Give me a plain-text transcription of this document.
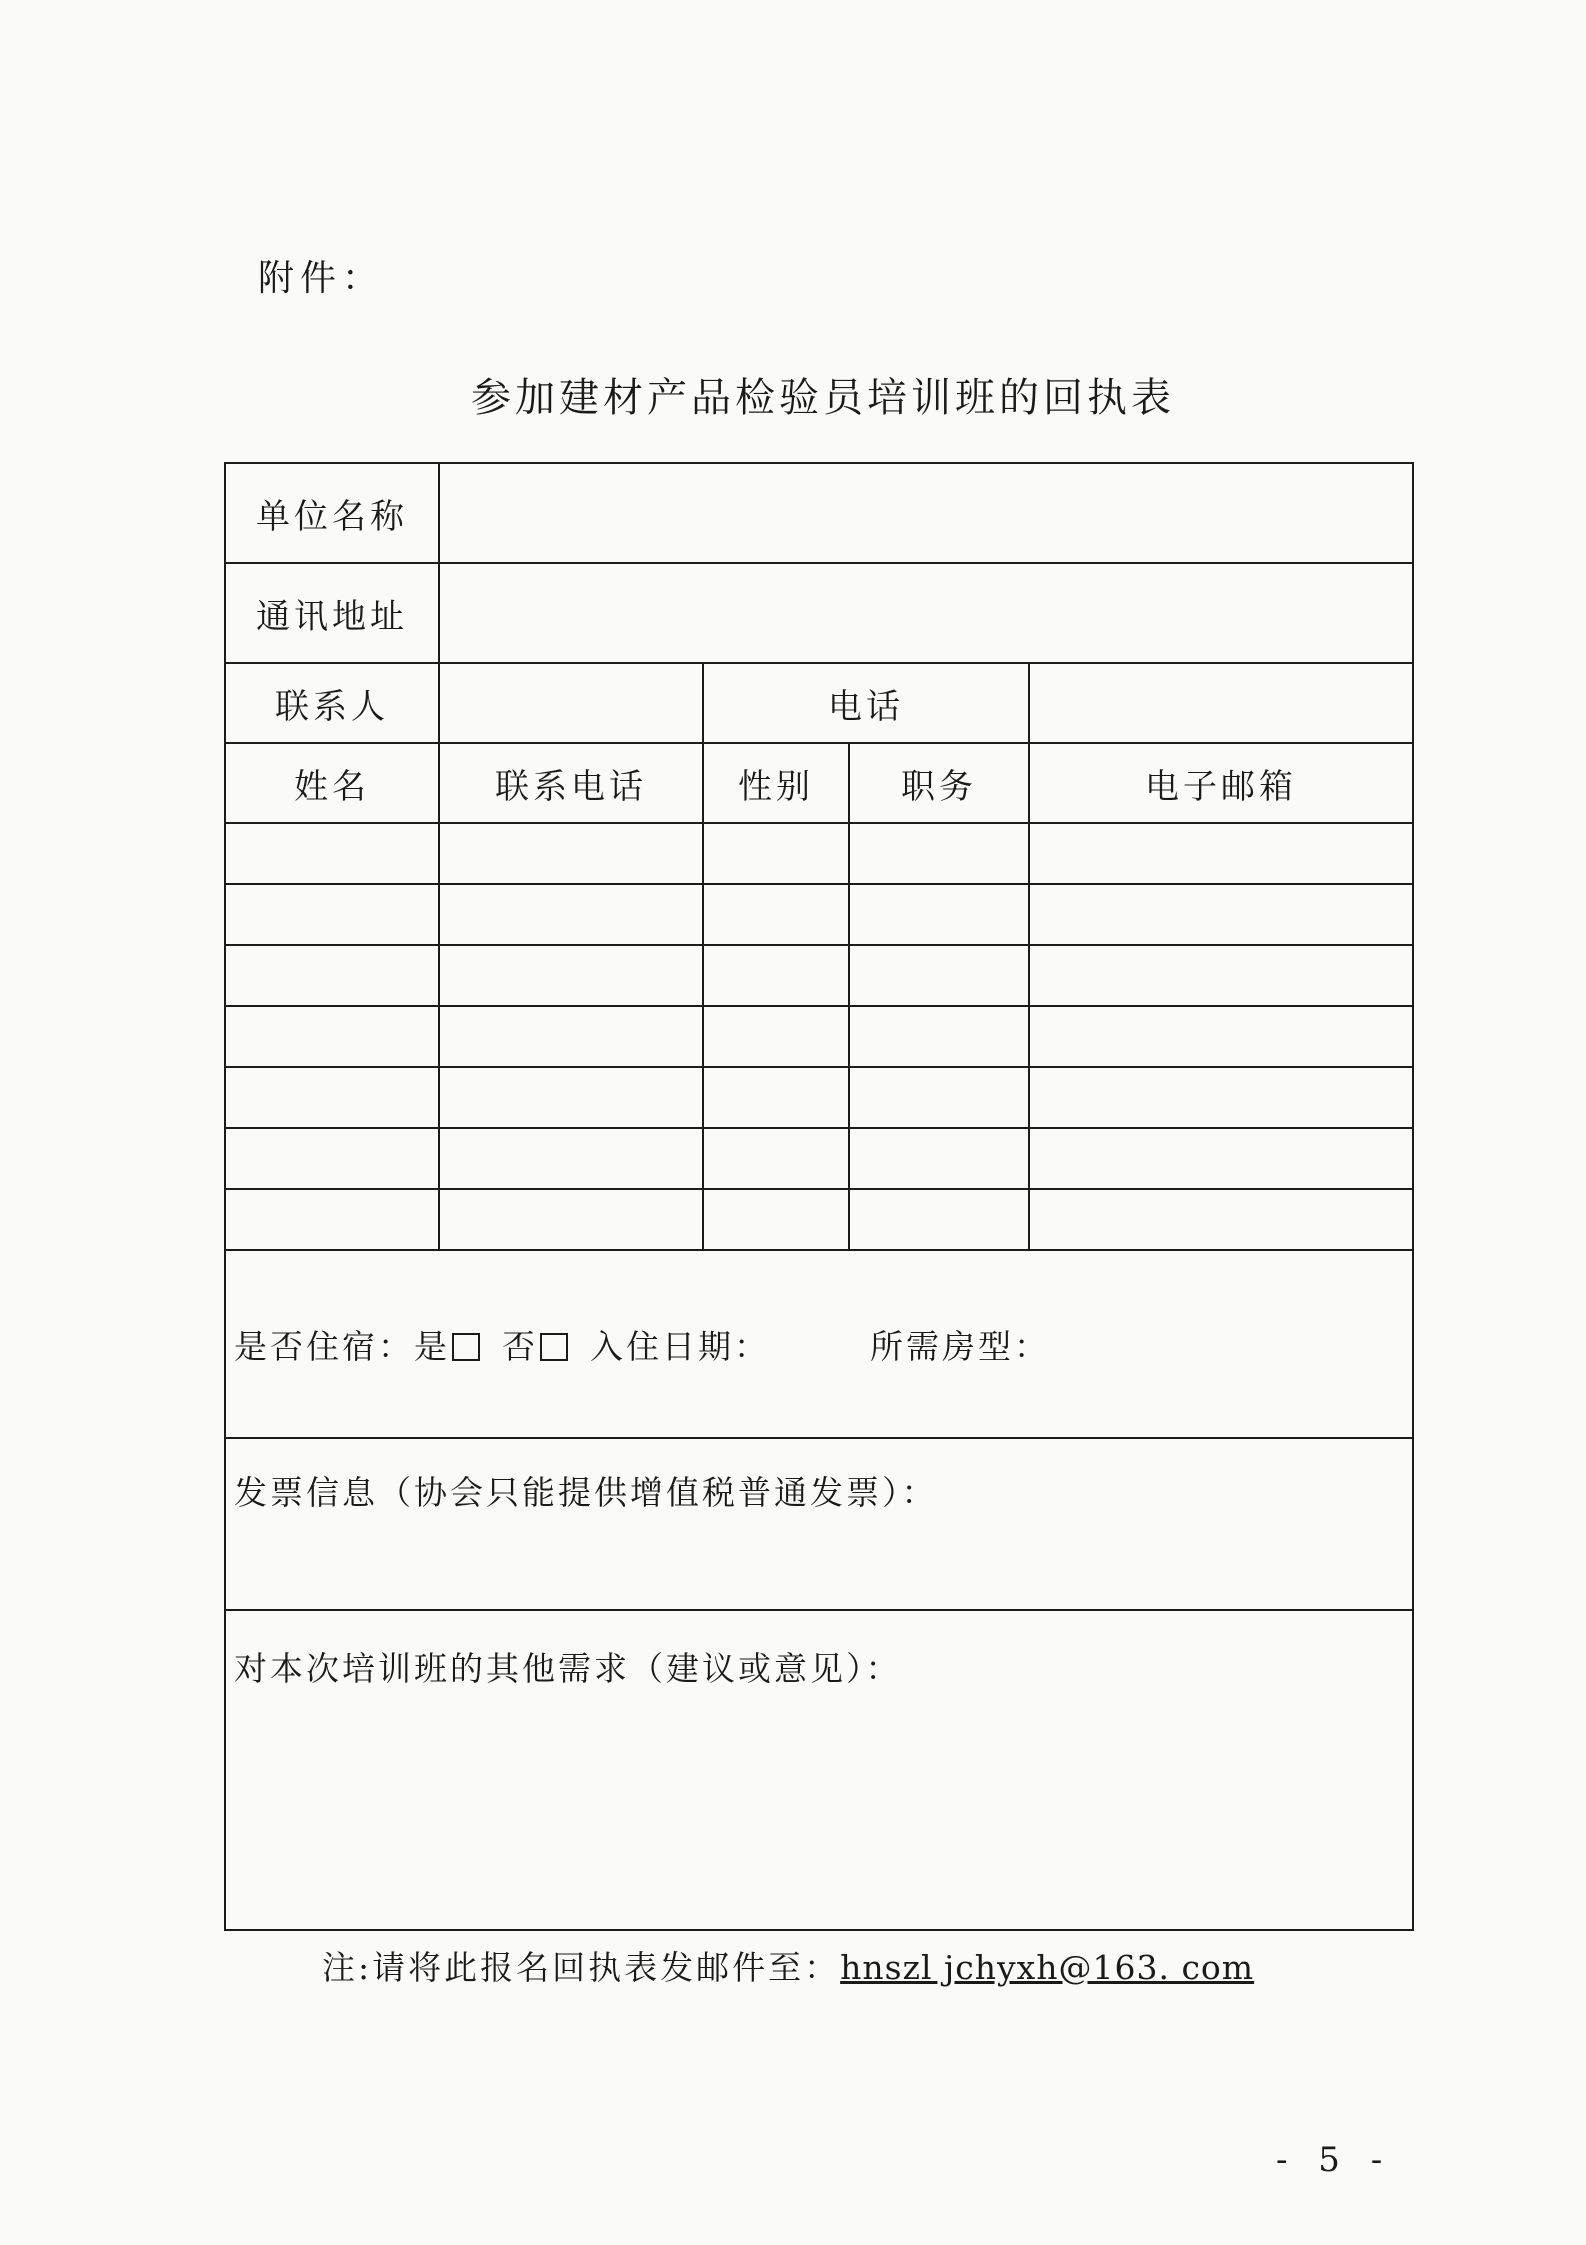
附件：
参加建材产品检验员培训班的回执表
单位名称				
通讯地址				
联系人		电话		
姓名	联系电话	性别	职务	电子邮箱

是否住宿：是 否 入住日期： 所需房型：				
发票信息（协会只能提供增值税普通发票）：				
对本次培训班的其他需求（建议或意见）：				
注:请将此报名回执表发邮件至：hnszl jchyxh@163. com
- 5 -
